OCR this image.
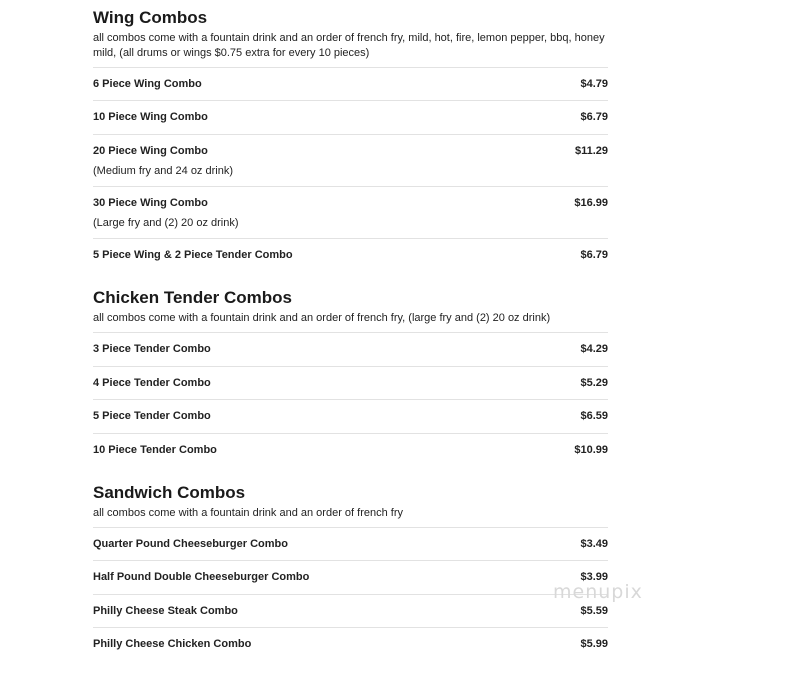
Wing Combos
all combos come with a fountain drink and an order of french fry, mild, hot, fire, lemon pepper, bbq, honey mild, (all drums or wings $0.75 extra for every 10 pieces)
6 Piece Wing Combo	$4.79
10 Piece Wing Combo	$6.79
20 Piece Wing Combo	$11.29
(Medium fry and 24 oz drink)
30 Piece Wing Combo	$16.99
(Large fry and (2) 20 oz drink)
5 Piece Wing & 2 Piece Tender Combo	$6.79
Chicken Tender Combos
all combos come with a fountain drink and an order of french fry, (large fry and (2) 20 oz drink)
3 Piece Tender Combo	$4.29
4 Piece Tender Combo	$5.29
5 Piece Tender Combo	$6.59
10 Piece Tender Combo	$10.99
Sandwich Combos
all combos come with a fountain drink and an order of french fry
Quarter Pound Cheeseburger Combo	$3.49
Half Pound Double Cheeseburger Combo	$3.99
Philly Cheese Steak Combo	$5.59
Philly Cheese Chicken Combo	$5.99
menupix
